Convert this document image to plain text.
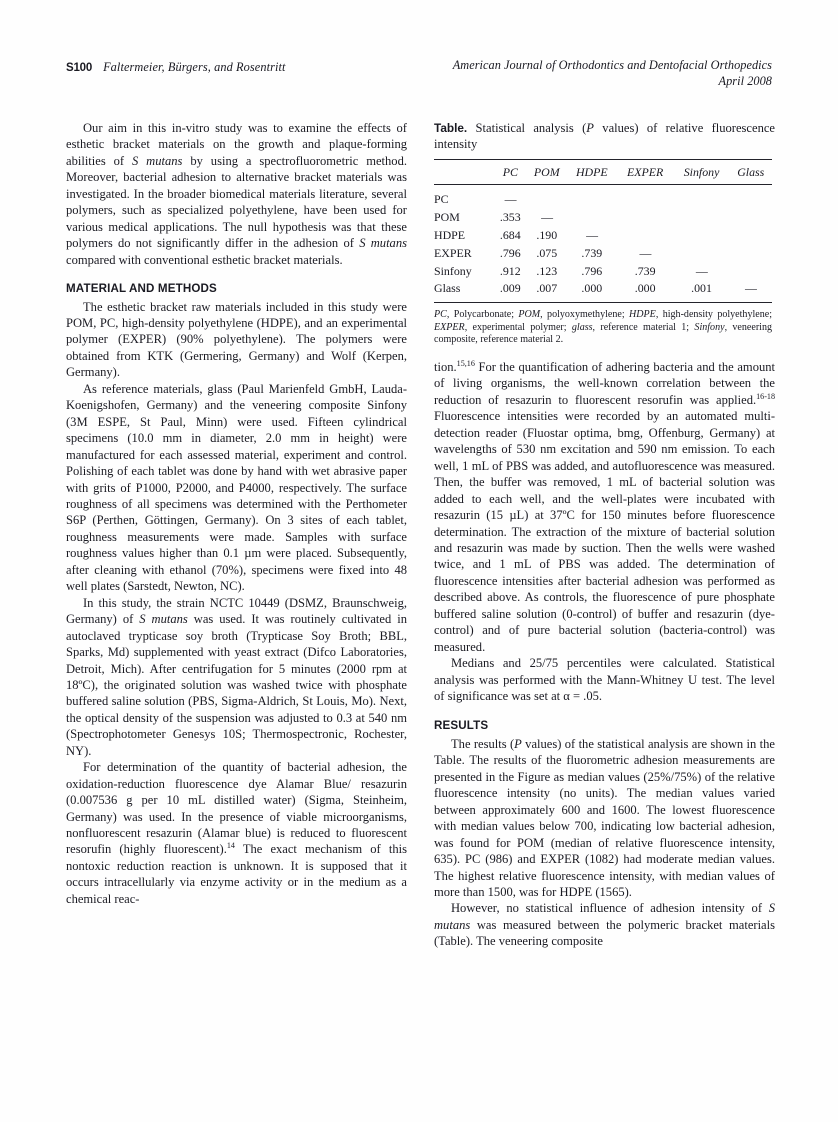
S100 Faltermeier, Bürgers, and Rosentritt	American Journal of Orthodontics and Dentofacial Orthopedics
April 2008

Our aim in this in-vitro study was to examine the effects of esthetic bracket materials on the growth and plaque-forming abilities of S mutans by using a spectrofluorometric method. Moreover, bacterial adhesion to alternative bracket materials was investigated. In the broader biomedical materials literature, several polymers, such as specialized polyethylene, have been used for various medical applications. The null hypothesis was that these polymers do not significantly differ in the adhesion of S mutans compared with conventional esthetic bracket materials.

MATERIAL AND METHODS

The esthetic bracket raw materials included in this study were POM, PC, high-density polyethylene (HDPE), and an experimental polymer (EXPER) (90% polyethylene). The polymers were obtained from KTK (Germering, Germany) and Wolf (Kerpen, Germany).

As reference materials, glass (Paul Marienfeld GmbH, Lauda-Koenigshofen, Germany) and the veneering composite Sinfony (3M ESPE, St Paul, Minn) were used. Fifteen cylindrical specimens (10.0 mm in diameter, 2.0 mm in height) were manufactured for each assessed material, experiment and control. Polishing of each tablet was done by hand with wet abrasive paper with grits of P1000, P2000, and P4000, respectively. The surface roughness of all specimens was determined with the Perthometer S6P (Perthen, Göttingen, Germany). On 3 sites of each tablet, roughness measurements were made. Samples with surface roughness values higher than 0.1 µm were placed. Subsequently, after cleaning with ethanol (70%), specimens were fixed into 48 well plates (Sarstedt, Newton, NC).

In this study, the strain NCTC 10449 (DSMZ, Braunschweig, Germany) of S mutans was used. It was routinely cultivated in autoclaved trypticase soy broth (Trypticase Soy Broth; BBL, Sparks, Md) supplemented with yeast extract (Difco Laboratories, Detroit, Mich). After centrifugation for 5 minutes (2000 rpm at 18ºC), the originated solution was washed twice with phosphate buffered saline solution (PBS, Sigma-Aldrich, St Louis, Mo). Next, the optical density of the suspension was adjusted to 0.3 at 540 nm (Spectrophotometer Genesys 10S; Thermospectronic, Rochester, NY).

For determination of the quantity of bacterial adhesion, the oxidation-reduction fluorescence dye Alamar Blue/ resazurin (0.007536 g per 10 mL distilled water) (Sigma, Steinheim, Germany) was used. In the presence of viable microorganisms, nonfluorescent resazurin (Alamar blue) is reduced to fluorescent resorufin (highly fluorescent).$^{14}$ The exact mechanism of this nontoxic reduction reaction is unknown. It is supposed that it occurs intracellularly via enzyme activity or in the medium as a chemical reac-

Table. Statistical analysis (P values) of relative fluorescence intensity
	PC	POM	HDPE	EXPER	Sinfony	Glass
PC	—					
POM	.353	—				
HDPE	.684	.190	—			
EXPER	.796	.075	.739	—		
Sinfony	.912	.123	.796	.739	—	
Glass	.009	.007	.000	.000	.001	—
PC, Polycarbonate; POM, polyoxymethylene; HDPE, high-density polyethylene; EXPER, experimental polymer; glass, reference material 1; Sinfony, veneering composite, reference material 2.

tion.$^{15,16}$ For the quantification of adhering bacteria and the amount of living organisms, the well-known correlation between the reduction of resazurin to fluorescent resorufin was applied.$^{16-18}$ Fluorescence intensities were recorded by an automated multi-detection reader (Fluostar optima, bmg, Offenburg, Germany) at wavelengths of 530 nm excitation and 590 nm emission. To each well, 1 mL of PBS was added, and autofluorescence was measured. Then, the buffer was removed, 1 mL of bacterial solution was added to each well, and the well-plates were incubated with resazurin (15 µL) at 37ºC for 150 minutes before fluorescence determination. The extraction of the mixture of bacterial solution and resazurin was made by suction. Then the wells were washed twice, and 1 mL of PBS was added. The determination of fluorescence intensities after bacterial adhesion was performed as described above. As controls, the fluorescence of pure phosphate buffered saline solution (0-control) of buffer and resazurin (dye-control) and of pure bacterial solution (bacteria-control) was measured.

Medians and 25/75 percentiles were calculated. Statistical analysis was performed with the Mann-Whitney U test. The level of significance was set at α = .05.

RESULTS

The results (P values) of the statistical analysis are shown in the Table. The results of the fluorometric adhesion measurements are presented in the Figure as median values (25%/75%) of the relative fluorescence intensity (no units). The median values varied between approximately 600 and 1600. The lowest fluorescence with median values below 700, indicating low bacterial adhesion, was found for POM (median of relative fluorescence intensity, 635). PC (986) and EXPER (1082) had moderate median values. The highest relative fluorescence intensity, with median values of more than 1500, was for HDPE (1565).

However, no statistical influence of adhesion intensity of S mutans was measured between the polymeric bracket materials (Table). The veneering composite
